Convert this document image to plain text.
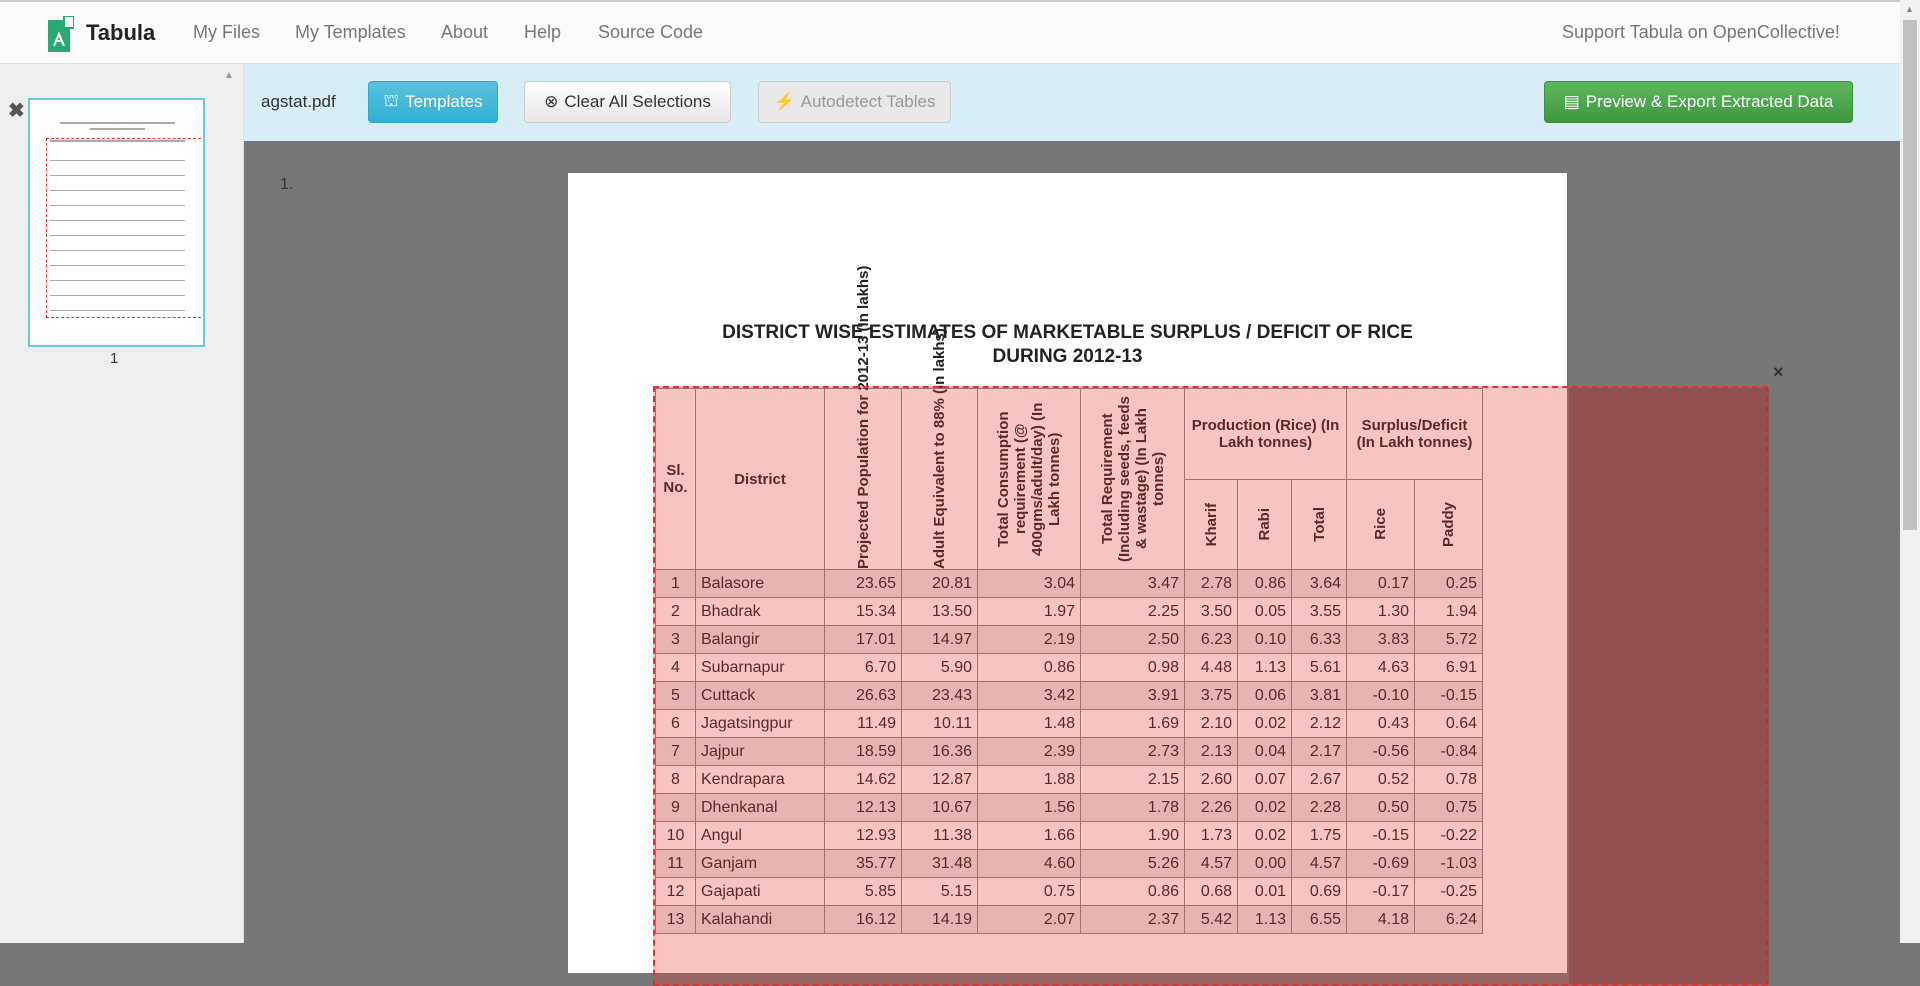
Tabula My Files My Templates About Help Source Code	Support Tabula on OpenCollective!
✖
▲
1
agstat.pdf	⛫ Templates	⊗ Clear All Selections	⚡ Autodetect Tables	▤ Preview & Export Extracted Data
1.
DISTRICT WISE ESTIMATES OF MARKETABLE SURPLUS / DEFICIT OF RICE
DURING 2012-13
Sl. No.	District	Projected Population for 2012-13 (In lakhs)	Adult Equivalent to 88% (In lakhs)	Total Consumption requirement (@ 400gms/adult/day) (In Lakh tonnes)	Total Requirement (Including seeds, feeds & wastage) (In Lakh tonnes)	Production (Rice) (In Lakh tonnes)			Surplus/Deficit (In Lakh tonnes)	

						Kharif	Rabi	Total	Rice	Paddy

1	Balasore	23.65	20.81	3.04	3.47	2.78	0.86	3.64	0.17	0.25
2	Bhadrak	15.34	13.50	1.97	2.25	3.50	0.05	3.55	1.30	1.94
3	Balangir	17.01	14.97	2.19	2.50	6.23	0.10	6.33	3.83	5.72
4	Subarnapur	6.70	5.90	0.86	0.98	4.48	1.13	5.61	4.63	6.91
5	Cuttack	26.63	23.43	3.42	3.91	3.75	0.06	3.81	-0.10	-0.15
6	Jagatsingpur	11.49	10.11	1.48	1.69	2.10	0.02	2.12	0.43	0.64
7	Jajpur	18.59	16.36	2.39	2.73	2.13	0.04	2.17	-0.56	-0.84
8	Kendrapara	14.62	12.87	1.88	2.15	2.60	0.07	2.67	0.52	0.78
9	Dhenkanal	12.13	10.67	1.56	1.78	2.26	0.02	2.28	0.50	0.75
10	Angul	12.93	11.38	1.66	1.90	1.73	0.02	1.75	-0.15	-0.22
11	Ganjam	35.77	31.48	4.60	5.26	4.57	0.00	4.57	-0.69	-1.03
12	Gajapati	5.85	5.15	0.75	0.86	0.68	0.01	0.69	-0.17	-0.25
13	Kalahandi	16.12	14.19	2.07	2.37	5.42	1.13	6.55	4.18	6.24
×
▲
